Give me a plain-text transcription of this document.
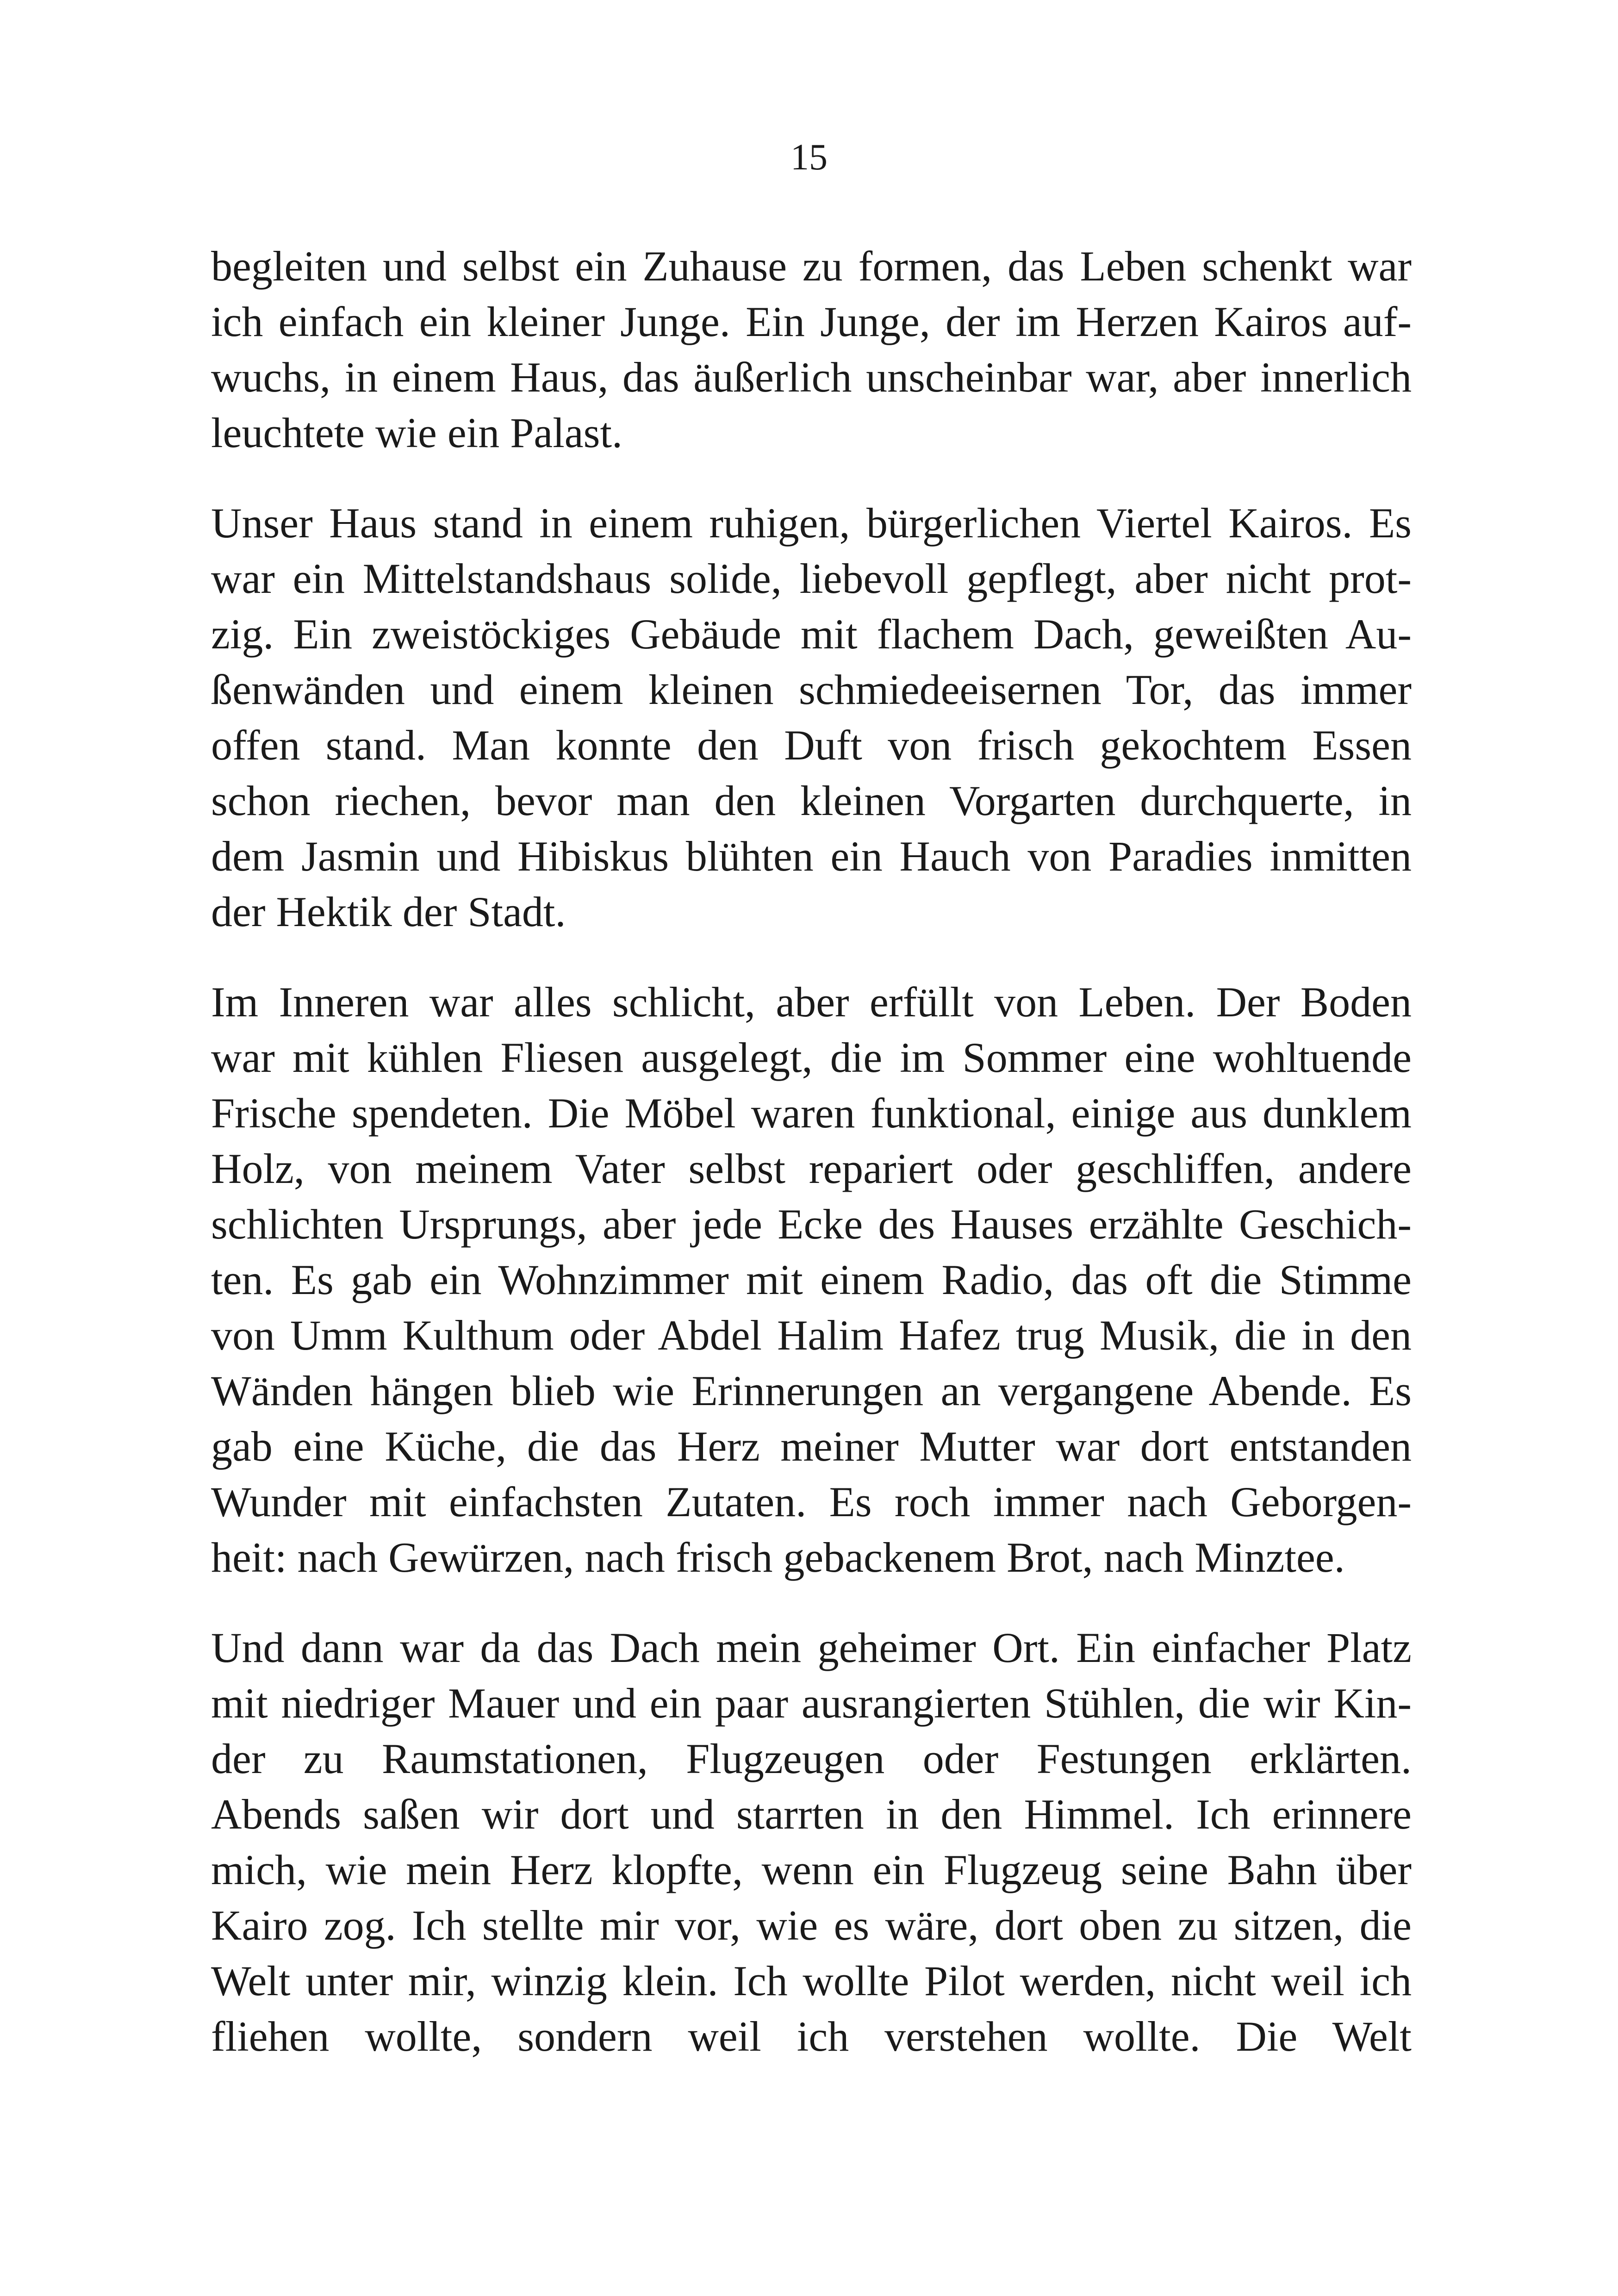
15
begleiten und selbst ein Zuhause zu formen, das Leben schenkt war
ich einfach ein kleiner Junge. Ein Junge, der im Herzen Kairos auf-
wuchs, in einem Haus, das äußerlich unscheinbar war, aber innerlich
leuchtete wie ein Palast.
Unser Haus stand in einem ruhigen, bürgerlichen Viertel Kairos. Es
war ein Mittelstandshaus solide, liebevoll gepflegt, aber nicht prot-
zig. Ein zweistöckiges Gebäude mit flachem Dach, geweißten Au-
ßenwänden und einem kleinen schmiedeeisernen Tor, das immer
offen stand. Man konnte den Duft von frisch gekochtem Essen
schon riechen, bevor man den kleinen Vorgarten durchquerte, in
dem Jasmin und Hibiskus blühten ein Hauch von Paradies inmitten
der Hektik der Stadt.
Im Inneren war alles schlicht, aber erfüllt von Leben. Der Boden
war mit kühlen Fliesen ausgelegt, die im Sommer eine wohltuende
Frische spendeten. Die Möbel waren funktional, einige aus dunklem
Holz, von meinem Vater selbst repariert oder geschliffen, andere
schlichten Ursprungs, aber jede Ecke des Hauses erzählte Geschich-
ten. Es gab ein Wohnzimmer mit einem Radio, das oft die Stimme
von Umm Kulthum oder Abdel Halim Hafez trug Musik, die in den
Wänden hängen blieb wie Erinnerungen an vergangene Abende. Es
gab eine Küche, die das Herz meiner Mutter war dort entstanden
Wunder mit einfachsten Zutaten. Es roch immer nach Geborgen-
heit: nach Gewürzen, nach frisch gebackenem Brot, nach Minztee.
Und dann war da das Dach mein geheimer Ort. Ein einfacher Platz
mit niedriger Mauer und ein paar ausrangierten Stühlen, die wir Kin-
der zu Raumstationen, Flugzeugen oder Festungen erklärten.
Abends saßen wir dort und starrten in den Himmel. Ich erinnere
mich, wie mein Herz klopfte, wenn ein Flugzeug seine Bahn über
Kairo zog. Ich stellte mir vor, wie es wäre, dort oben zu sitzen, die
Welt unter mir, winzig klein. Ich wollte Pilot werden, nicht weil ich
fliehen wollte, sondern weil ich verstehen wollte. Die Welt
